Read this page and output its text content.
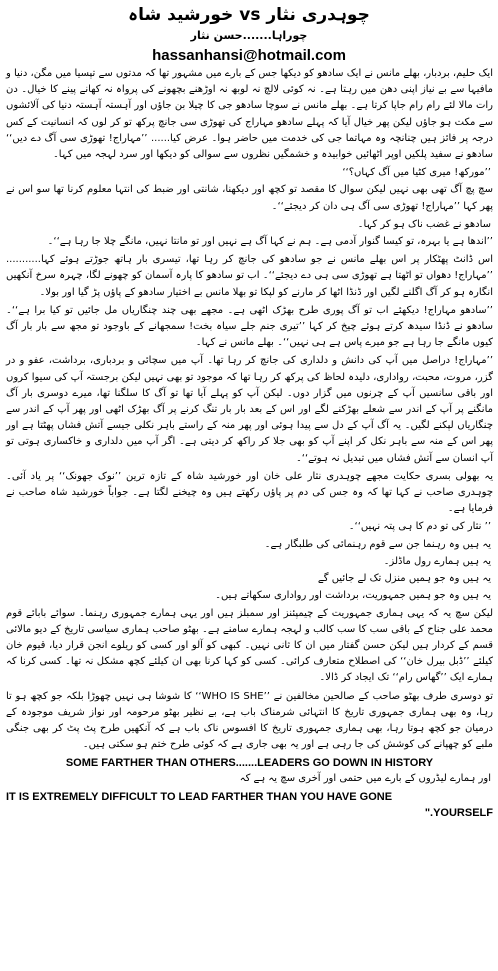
چوہدری نثار vs خورشید شاہ
چوراہا.......حسن نثار
hassanhansi@hotmail.com

ایک حلیم، بردبار، بھلے مانس نے ایک سادھو کو دیکھا جس کے بارے میں مشہور تھا کہ مدتوں سے تپسیا میں مگن، دنیا و مافیہا سے بے نیاز اپنی دھن میں رہتا ہے۔ نہ کوئی لالچ نہ لوبھ نہ اوڑھنے بچھونے کی پرواہ نہ کھانے پینے کا خیال۔ دن رات مالا لئے رام رام جاپا کرتا ہے۔ بھلے مانس نے سوچا سادھو جی کا چیلا بن جاؤں اور آہستہ آہستہ دنیا کی آلائشوں سے مکت ہو جاؤں لیکن پھر خیال آیا کہ پہلے سادھو مہاراج کی تھوڑی سی جانچ پرکھ تو کر لوں کہ انسانیت کے کس درجہ پر فائز ہیں چنانچہ وہ مہاتما جی کی خدمت میں حاضر ہوا۔ عرض کیا...... ’’مہاراج! تھوڑی سی آگ دے دیں‘‘ سادھو نے سفید پلکیں اوپر اٹھائیں خوابیدہ و خشمگیں نظروں سے سوالی کو دیکھا اور سرد لہجہ میں کہا۔

’’مورکھ! میری کٹیا میں آگ کہاں؟‘‘

سچ پچ آگ تھی بھی نہیں لیکن سوال کا مقصد تو کچھ اور دیکھنا، شانتی اور ضبط کی انتہا معلوم کرنا تھا سو اس نے پھر کہا ’’مہاراج! تھوڑی سی آگ ہی دان کر دیجئے‘‘۔

سادھو نے غضب ناک ہو کر کہا۔

’’اندھا ہے یا بہرہ، تو کیسا گنوار آدمی ہے۔ ہم نے کہا آگ ہے نہیں اور تو مانتا نہیں، مانگے چلا جا رہا ہے‘‘۔

اس ڈانٹ پھٹکار پر اس بھلے مانس نے جو سادھو کی جانچ کر رہا تھا، تیسری بار ہاتھ جوڑتے ہوئے کہا........... ’’مہاراج! دھواں تو اٹھتا ہے تھوڑی سی ہی دے دیجئے‘‘۔ اب تو سادھو کا پارہ آسمان کو چھونے لگا، چہرہ سرخ آنکھیں انگارہ ہو کر آگ اگلنے لگیں اور ڈنڈا اٹھا کر مارنے کو لپکا تو بھلا مانس بے اختیار سادھو کے پاؤں پڑ گیا اور بولا۔

’’سادھو مہاراج! دیکھئے اب تو آگ پوری طرح بھڑک اٹھی ہے۔ مجھے بھی چند چنگاریاں مل جائیں تو کیا برا ہے‘‘۔ سادھو نے ڈنڈا سیدھ کرتے ہوئے چیخ کر کہا ’’تیری جنم جلے سیاہ بخت! سمجھانے کے باوجود تو مجھ سے بار بار آگ کیوں مانگے جا رہا ہے جو میرے پاس ہے ہی نہیں‘‘۔ بھلے مانس نے کہا۔

’’مہاراج! دراصل میں آپ کی دانش و دلداری کی جانچ کر رہا تھا۔ آپ میں سچائی و بردباری، برداشت، عفو و در گزر، مروت، محبت، رواداری، دلیدہ لحاظ کی پرکھ کر رہا تھا کہ موجود تو بھی نہیں لیکن برجستہ آپ کی سیوا کروں اور باقی سانسیں آپ کے چرنوں میں گزار دوں۔ لیکن آپ کو پہلے آیا تھا تو آگ کا سلگنا تھا، میرے دوسری بار آگ مانگنے پر آپ کے اندر سے شعلے بھڑکنے لگے اور اس کے بعد بار بار تنگ کرنے پر آگ بھڑک اٹھی اور پھر آپ کے اندر سے چنگاریاں لپکنے لگیں۔ یہ آگ آپ کے دل سے پیدا ہوئی اور پھر منہ کے راستے باہر نکلی جیسے آتش فشاں پھٹتا ہے اور پھر اس کے منہ سے باہر نکل کر اپنے آپ کو بھی جلا کر راکھ کر دیتی ہے۔ اگر آپ میں دلداری و خاکساری ہوتی تو آپ انسان سے آتش فشاں میں تبدیل نہ ہوتے‘‘۔

یہ بھولی بسری حکایت مجھے چوہدری نثار علی خان اور خورشید شاہ کے تازہ ترین ’’نوک جھونک‘‘ پر یاد آئی۔ چوہدری صاحب نے کہا تھا کہ وہ جس کی دم پر پاؤں رکھتے ہیں وہ چیخنے لگتا ہے۔ جواباً خورشید شاہ صاحب نے فرمایا ہے۔

’’ نثار کی تو دم کا ہی پتہ نہیں‘‘۔

یہ ہیں وہ رہنما جن سے قوم رہنمائی کی طلبگار ہے۔

یہ ہیں ہمارے رول ماڈلز۔

یہ ہیں وہ جو ہمیں منزل تک لے جائیں گے

یہ ہیں وہ جو ہمیں جمہوریت، برداشت اور رواداری سکھاتے ہیں۔

لیکن سچ یہ کہ یہی ہماری جمہوریت کے چیمپئنز اور سمبلز ہیں اور یہی ہمارے جمہوری رہنما۔ سوائے بابائے قوم محمد علی جناح کے باقی سب کا سب کالب و لہجہ ہمارے سامنے ہے۔ بھٹو صاحب ہماری سیاسی تاریخ کے دیو مالائی قسم کے کردار ہیں لیکن حسن گفتار میں ان کا ثانی نہیں۔ کبھی کو آلو اور کسی کو ریلوے انجن قرار دیا، قیوم خان کیلئے ’’ڈبل بیرل خان‘‘ کی اصطلاح متعارف کرائی۔ کسی کو کہا کرنا بھی ان کیلئے کچھ مشکل نہ تھا۔ کسی کرنا کہ ہمارے ایک ’’گھاس رام‘‘ تک ایجاد کر ڈالا۔

تو دوسری طرف بھٹو صاحب کے صالحین مخالفین نے ’’WHO IS SHE‘‘ کا شوشا ہی نہیں چھوڑا بلکہ جو کچھ ہو تا رہا، وہ بھی ہماری جمہوری تاریخ کا انتہائی شرمناک باب ہے، بے نظیر بھٹو مرحومہ اور نواز شریف موجودہ کے درمیان جو کچھ ہوتا رہا، بھی ہماری جمہوری تاریخ کا افسوس ناک باب ہے کہ آنکھیں طرح پٹ پٹ کر بھی جنگی ملبے کو چھپانے کی کوشش کی جا رہی ہے اور یہ بھی جاری ہے کہ کوئی طرح ختم ہو سکتی ہیں۔

SOME FARTHER THAN OTHERS.......LEADERS GO DOWN IN HISTORY

اور ہمارے لیڈروں کے بارے میں حتمی اور آخری سچ یہ ہے کہ

IT IS EXTREMELY DIFFICULT TO LEAD FARTHER THAN YOU HAVE GONE

".YOURSELF
